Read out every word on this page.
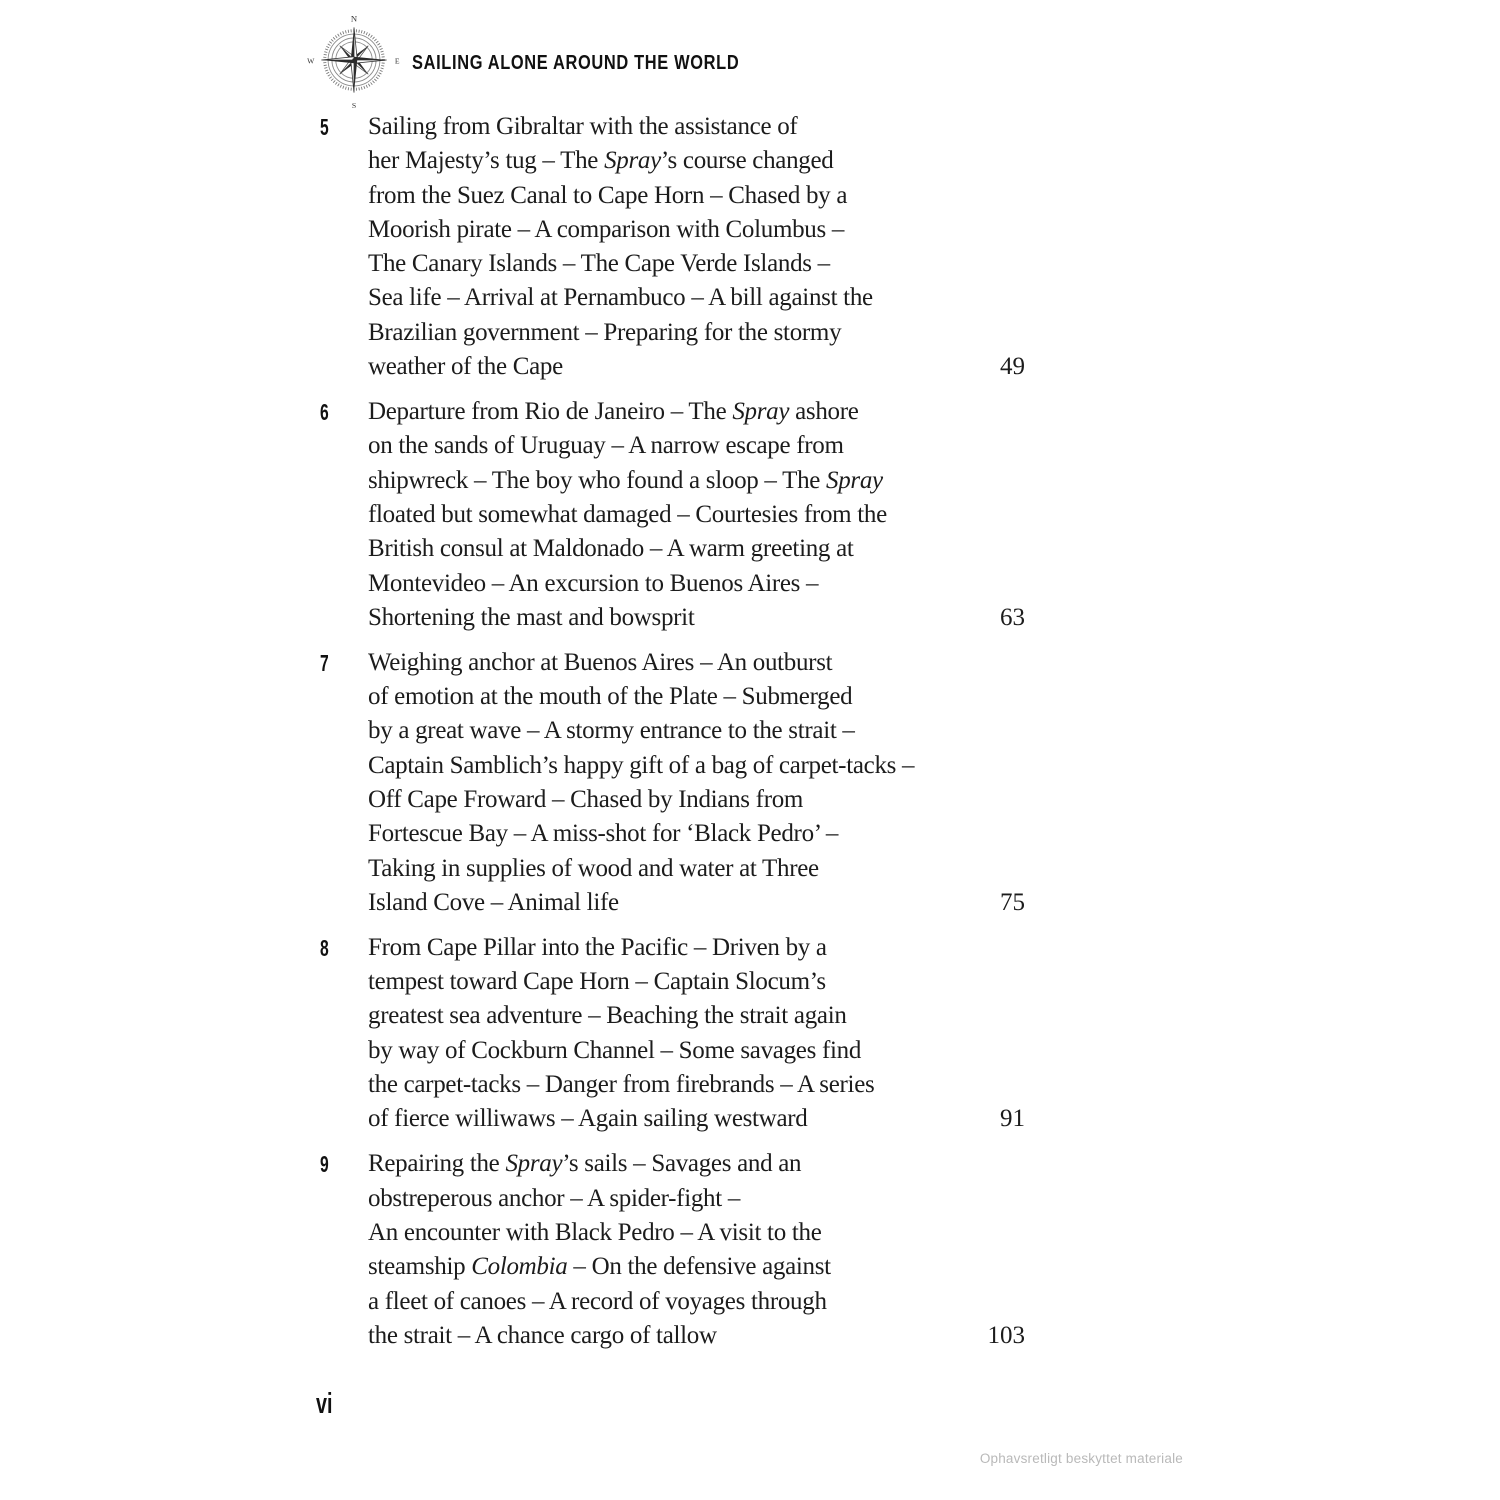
N
E
S
W	SAILING ALONE AROUND THE WORLD
5	Sailing from Gibraltar with the assistance of
her Majesty’s tug – The Spray’s course changed
from the Suez Canal to Cape Horn – Chased by a
Moorish pirate – A comparison with Columbus –
The Canary Islands – The Cape Verde Islands –
Sea life – Arrival at Pernambuco – A bill against the
Brazilian government – Preparing for the stormy
weather of the Cape	49
6	Departure from Rio de Janeiro – The Spray ashore
on the sands of Uruguay – A narrow escape from
shipwreck – The boy who found a sloop – The Spray
floated but somewhat damaged – Courtesies from the
British consul at Maldonado – A warm greeting at
Montevideo – An excursion to Buenos Aires –
Shortening the mast and bowsprit	63
7	Weighing anchor at Buenos Aires – An outburst
of emotion at the mouth of the Plate – Submerged
by a great wave – A stormy entrance to the strait –
Captain Samblich’s happy gift of a bag of carpet-tacks –
Off Cape Froward – Chased by Indians from
Fortescue Bay – A miss-shot for ‘Black Pedro’ –
Taking in supplies of wood and water at Three
Island Cove – Animal life	75
8	From Cape Pillar into the Pacific – Driven by a
tempest toward Cape Horn – Captain Slocum’s
greatest sea adventure – Beaching the strait again
by way of Cockburn Channel – Some savages find
the carpet-tacks – Danger from firebrands – A series
of fierce williwaws – Again sailing westward	91
9	Repairing the Spray’s sails – Savages and an
obstreperous anchor – A spider-fight –
An encounter with Black Pedro – A visit to the
steamship Colombia – On the defensive against
a fleet of canoes – A record of voyages through
the strait – A chance cargo of tallow	103
vi
Ophavsretligt beskyttet materiale
